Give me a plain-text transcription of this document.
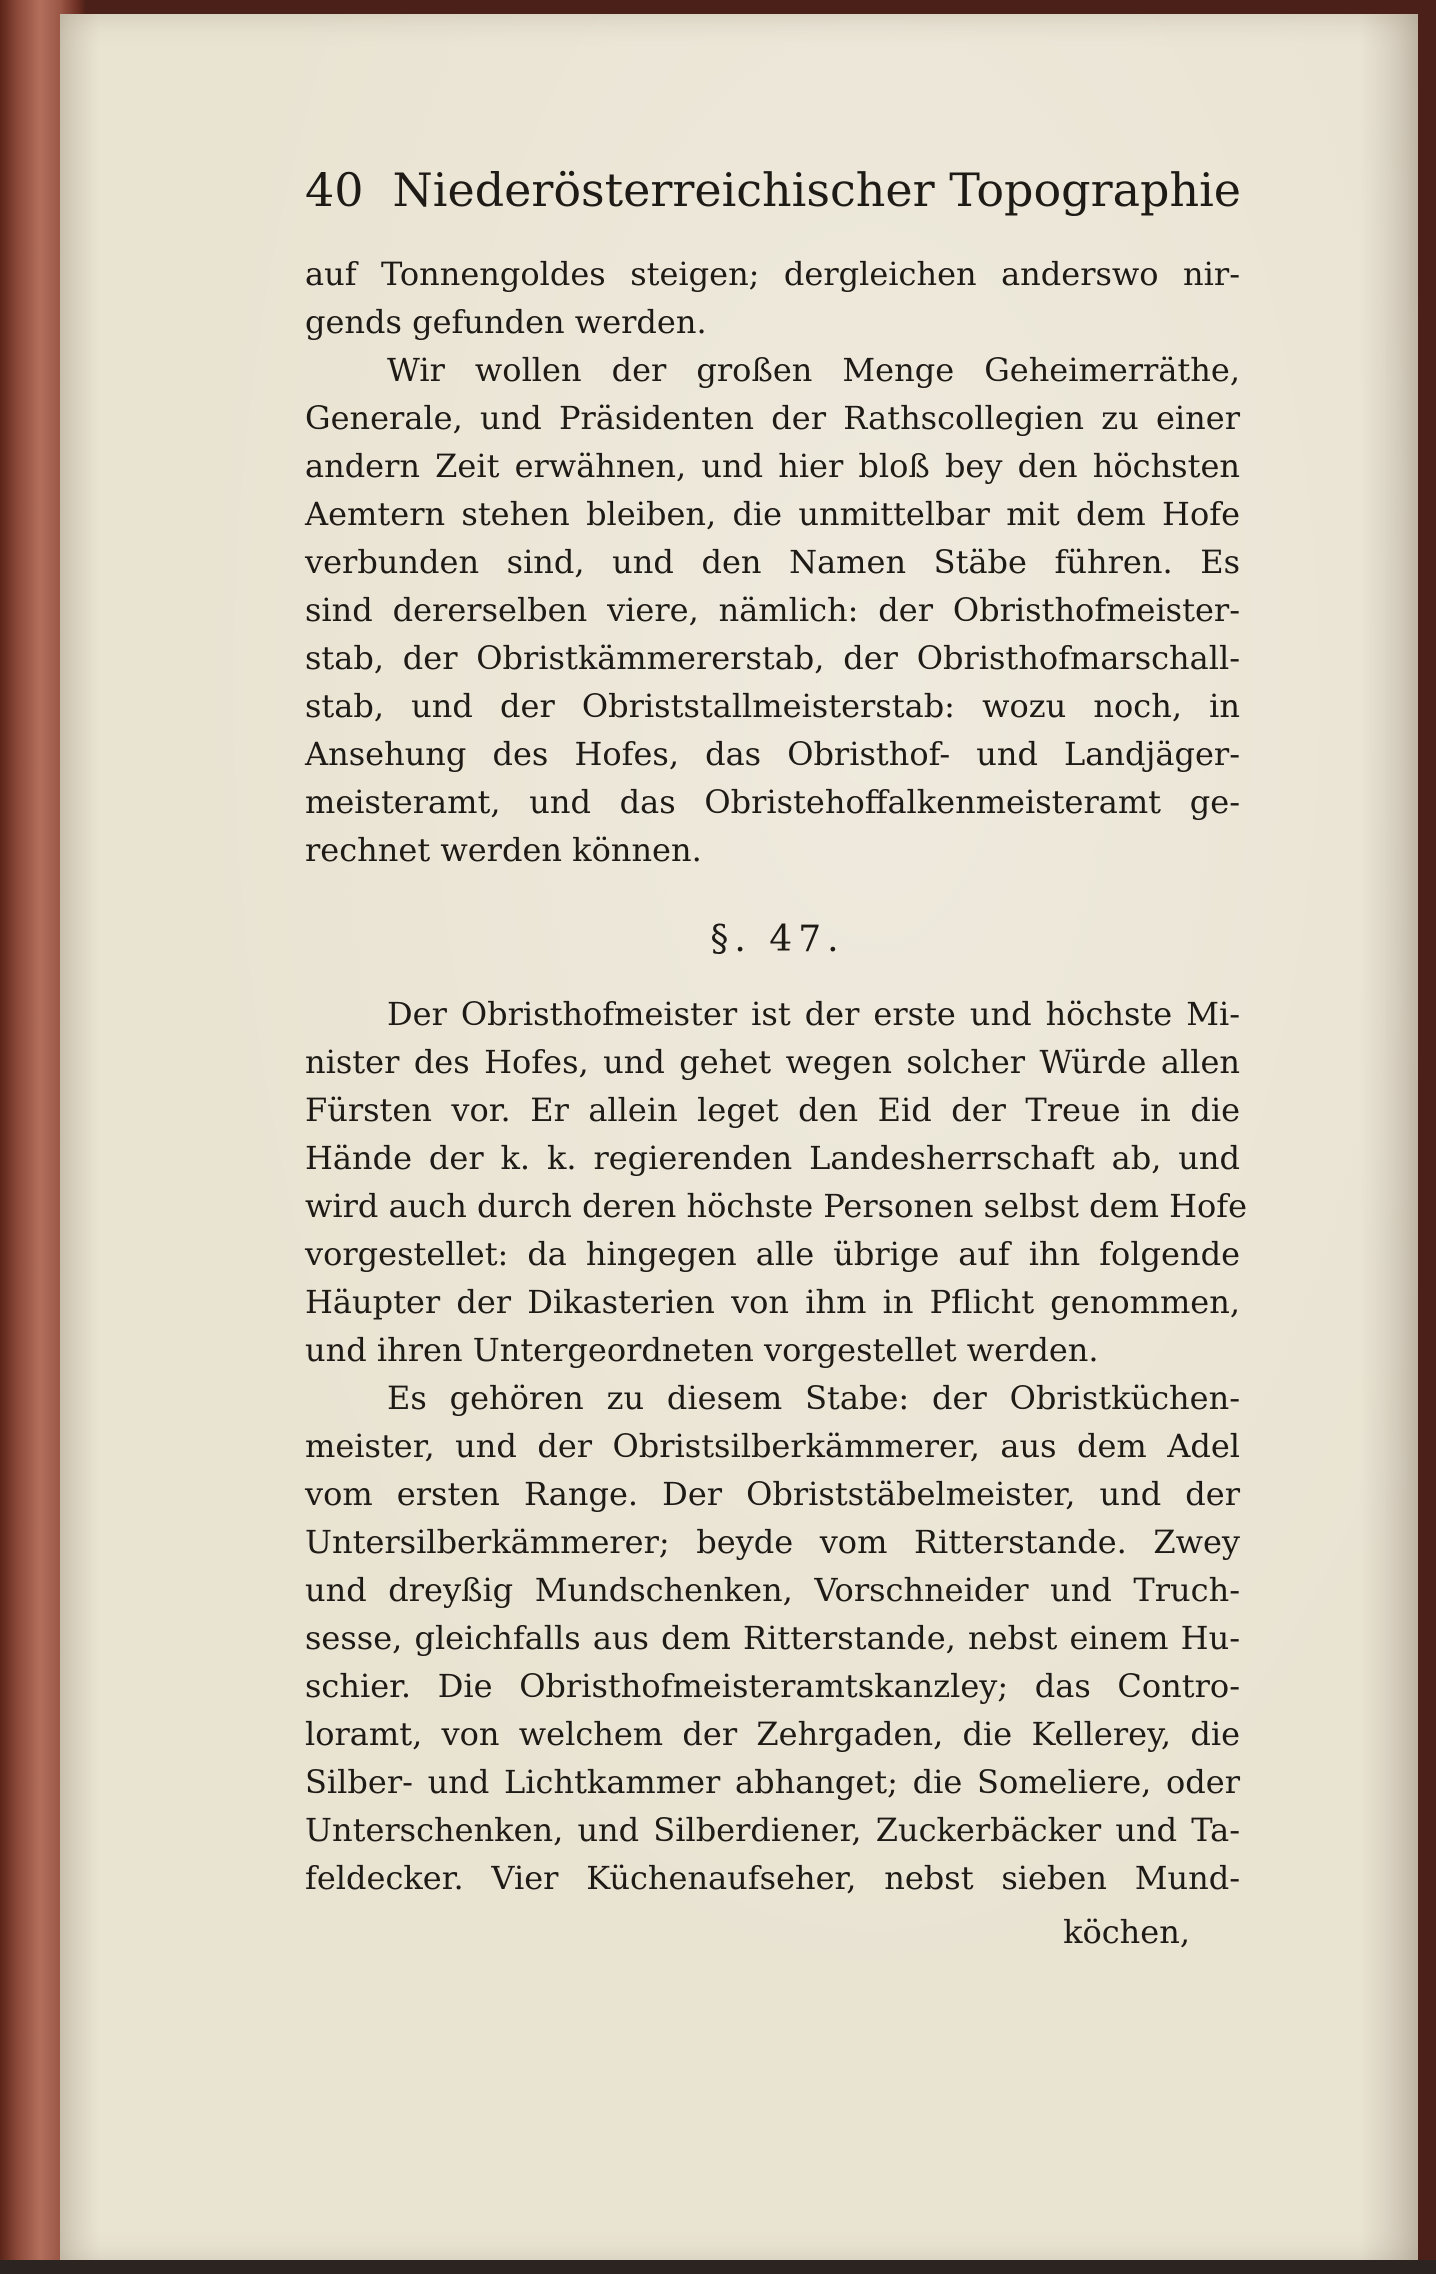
40 Niederösterreichischer Topographie
auf Tonnengoldes steigen; dergleichen anderswo nir-
gends gefunden werden.
Wir wollen der großen Menge Geheimerräthe,
Generale, und Präsidenten der Rathscollegien zu einer
andern Zeit erwähnen, und hier bloß bey den höchsten
Aemtern stehen bleiben, die unmittelbar mit dem Hofe
verbunden sind, und den Namen Stäbe führen. Es
sind dererselben viere, nämlich: der Obristhofmeister-
stab, der Obristkämmererstab, der Obristhofmarschall-
stab, und der Obriststallmeisterstab: wozu noch, in
Ansehung des Hofes, das Obristhof- und Landjäger-
meisteramt, und das Obristehoffalkenmeisteramt ge-
rechnet werden können.
§. 47.
Der Obristhofmeister ist der erste und höchste Mi-
nister des Hofes, und gehet wegen solcher Würde allen
Fürsten vor. Er allein leget den Eid der Treue in die
Hände der k. k. regierenden Landesherrschaft ab, und
wird auch durch deren höchste Personen selbst dem Hofe
vorgestellet: da hingegen alle übrige auf ihn folgende
Häupter der Dikasterien von ihm in Pflicht genommen,
und ihren Untergeordneten vorgestellet werden.
Es gehören zu diesem Stabe: der Obristküchen-
meister, und der Obristsilberkämmerer, aus dem Adel
vom ersten Range. Der Obriststäbelmeister, und der
Untersilberkämmerer; beyde vom Ritterstande. Zwey
und dreyßig Mundschenken, Vorschneider und Truch-
sesse, gleichfalls aus dem Ritterstande, nebst einem Hu-
schier. Die Obristhofmeisteramtskanzley; das Contro-
loramt, von welchem der Zehrgaden, die Kellerey, die
Silber- und Lichtkammer abhanget; die Someliere, oder
Unterschenken, und Silberdiener, Zuckerbäcker und Ta-
feldecker. Vier Küchenaufseher, nebst sieben Mund-
köchen,
